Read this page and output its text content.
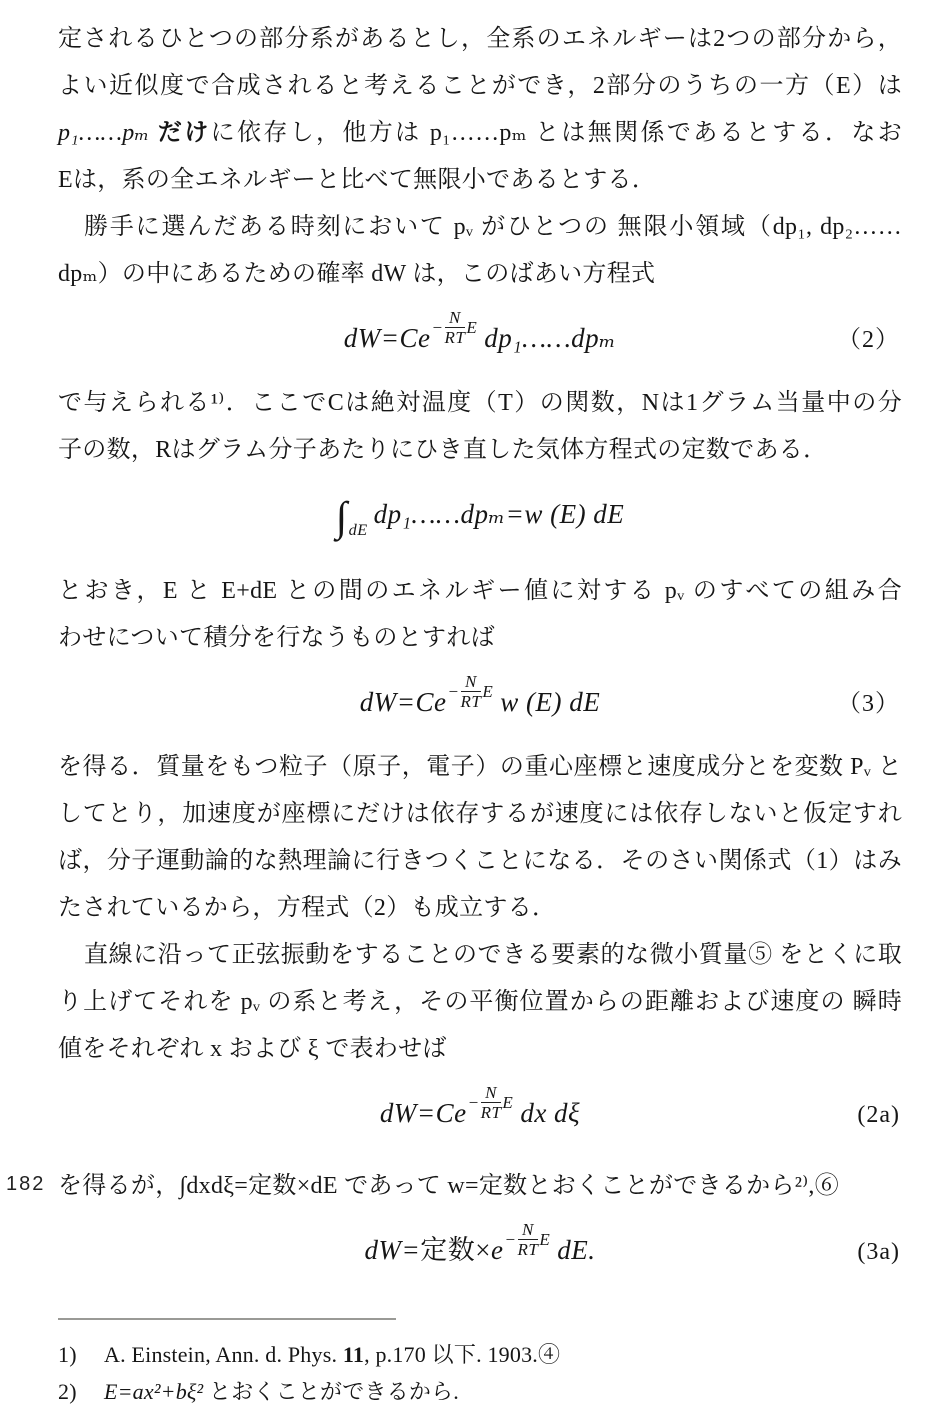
定されるひとつの部分系があるとし，全系のエネルギーは2つの部分から，

よい近似度で合成されると考えることができ，2部分のうちの一方（E）は

p₁……pₘ だけに依存し，他方は p₁……pₘ とは無関係であるとする．なお

Eは，系の全エネルギーと比べて無限小であるとする．

勝手に選んだある時刻において pᵥ がひとつの 無限小領域（dp₁, dp₂……

dpₘ）の中にあるための確率 dW は，このばあい方程式

$dW=Ce - \frac{N}{RT}$ E dp₁……dpₘ	（2）

で与えられる¹⁾．ここでCは絶対温度（T）の関数，Nは1グラム当量中の分

子の数，Rはグラム分子あたりにひき直した気体方程式の定数である．

$\int_{dE}dp_1\dots\dots dp_m=w$ (E) dE

とおき，E と E+dE との間のエネルギー値に対する pᵥ のすべての組み合

わせについて積分を行なうものとすれば

$dW=Ce - \frac{N}{RT}$ E w (E) dE	（3）

を得る．質量をもつ粒子（原子，電子）の重心座標と速度成分とを変数 Pᵥ と

してとり，加速度が座標にだけは依存するが速度には依存しないと仮定すれ

ば，分子運動論的な熱理論に行きつくことになる．そのさい関係式（1）はみ

たされているから，方程式（2）も成立する．

直線に沿って正弦振動をすることのできる要素的な微小質量⑤ をとくに取

り上げてそれを pᵥ の系と考え，その平衡位置からの距離および速度の 瞬時

値をそれぞれ x および ξ で表わせば

$dW=Ce - \frac{N}{RT}$ E dx dξ	(2a)
182 を得るが，∫dxdξ=定数×dE であって w=定数とおくことができるから²⁾,⑥

dW=定数$\times e - \frac{N}{RT}$ E dE.	(3a)
1)	A. Einstein, Ann. d. Phys. 11, p.170 以下. 1903.④
2)	E=ax²+bξ² とおくことができるから.
